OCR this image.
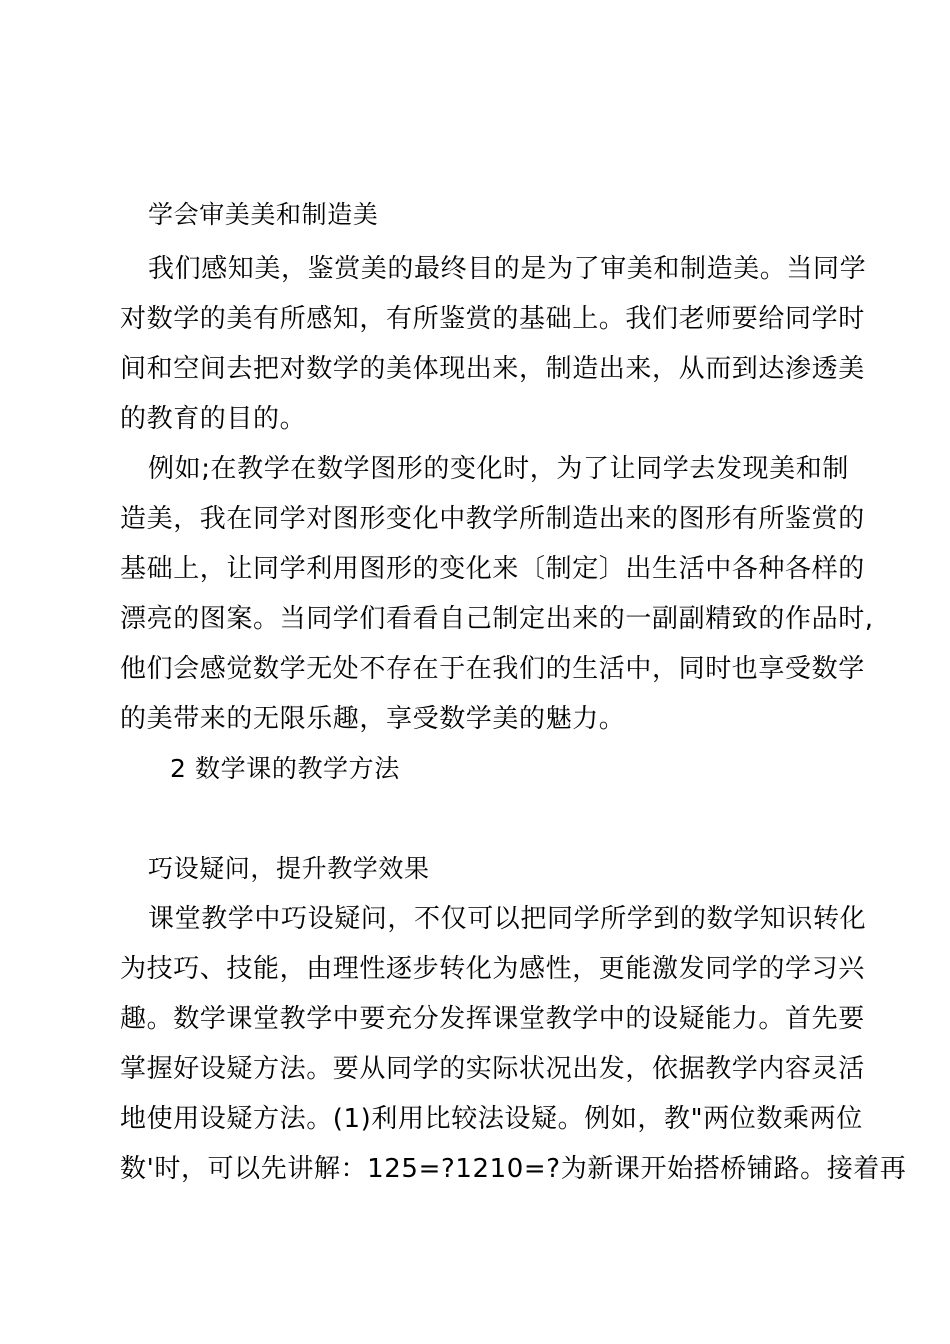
学会审美美和制造美
我们感知美，鉴赏美的最终目的是为了审美和制造美。当同学
对数学的美有所感知，有所鉴赏的基础上。我们老师要给同学时
间和空间去把对数学的美体现出来，制造出来，从而到达渗透美
的教育的目的。
例如;在教学在数学图形的变化时，为了让同学去发现美和制
造美，我在同学对图形变化中教学所制造出来的图形有所鉴赏的
基础上，让同学利用图形的变化来〔制定〕出生活中各种各样的
漂亮的图案。当同学们看看自己制定出来的一副副精致的作品时,
他们会感觉数学无处不存在于在我们的生活中，同时也享受数学
的美带来的无限乐趣，享受数学美的魅力。
2 数学课的教学方法
巧设疑问，提升教学效果
课堂教学中巧设疑问，不仅可以把同学所学到的数学知识转化
为技巧、技能，由理性逐步转化为感性，更能激发同学的学习兴
趣。数学课堂教学中要充分发挥课堂教学中的设疑能力。首先要
掌握好设疑方法。要从同学的实际状况出发，依据教学内容灵活
地使用设疑方法。(1)利用比较法设疑。例如，教"两位数乘两位
数'时，可以先讲解：125=?1210=?为新课开始搭桥铺路。接着再
